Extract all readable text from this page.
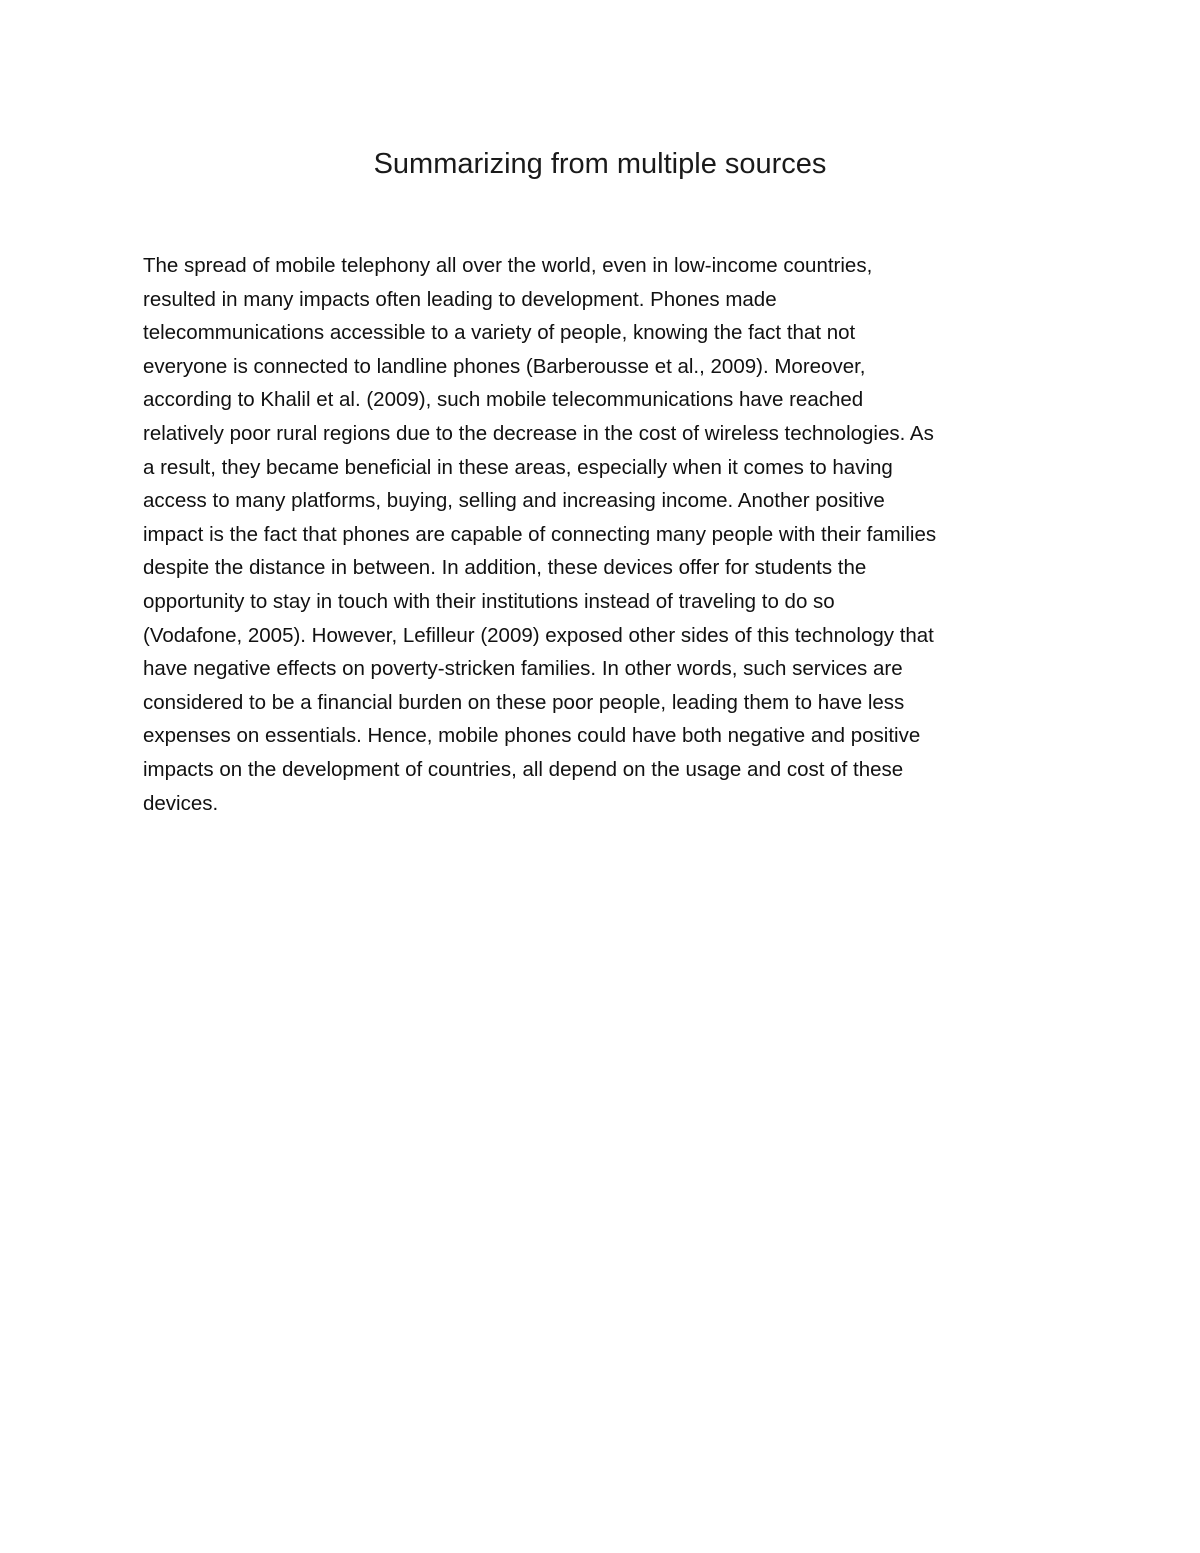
Summarizing from multiple sources

The spread of mobile telephony all over the world, even in low-income countries,
resulted in many impacts often leading to development. Phones made
telecommunications accessible to a variety of people, knowing the fact that not
everyone is connected to landline phones (Barberousse et al., 2009). Moreover,
according to Khalil et al. (2009), such mobile telecommunications have reached
relatively poor rural regions due to the decrease in the cost of wireless technologies. As
a result, they became beneficial in these areas, especially when it comes to having
access to many platforms, buying, selling and increasing income. Another positive
impact is the fact that phones are capable of connecting many people with their families
despite the distance in between. In addition, these devices offer for students the
opportunity to stay in touch with their institutions instead of traveling to do so
(Vodafone, 2005). However, Lefilleur (2009) exposed other sides of this technology that
have negative effects on poverty-stricken families. In other words, such services are
considered to be a financial burden on these poor people, leading them to have less
expenses on essentials. Hence, mobile phones could have both negative and positive
impacts on the development of countries, all depend on the usage and cost of these
devices.
